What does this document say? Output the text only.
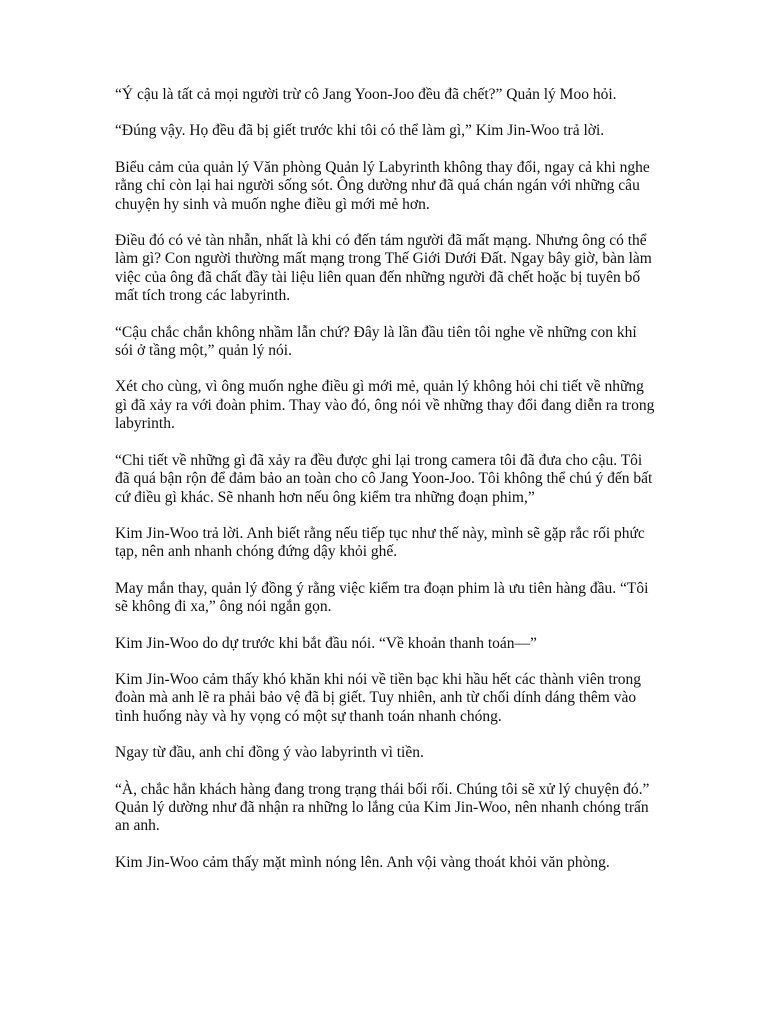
“Ý cậu là tất cả mọi người trừ cô Jang Yoon-Joo đều đã chết?” Quản lý Moo hỏi.

“Đúng vậy. Họ đều đã bị giết trước khi tôi có thể làm gì,” Kim Jin-Woo trả lời.

Biểu cảm của quản lý Văn phòng Quản lý Labyrinth không thay đổi, ngay cả khi nghe rằng chỉ còn lại hai người sống sót. Ông dường như đã quá chán ngán với những câu chuyện hy sinh và muốn nghe điều gì mới mẻ hơn.

Điều đó có vẻ tàn nhẫn, nhất là khi có đến tám người đã mất mạng. Nhưng ông có thể làm gì? Con người thường mất mạng trong Thế Giới Dưới Đất. Ngay bây giờ, bàn làm việc của ông đã chất đầy tài liệu liên quan đến những người đã chết hoặc bị tuyên bố mất tích trong các labyrinth.

“Cậu chắc chắn không nhầm lẫn chứ? Đây là lần đầu tiên tôi nghe về những con khỉ sói ở tầng một,” quản lý nói.

Xét cho cùng, vì ông muốn nghe điều gì mới mẻ, quản lý không hỏi chi tiết về những gì đã xảy ra với đoàn phim. Thay vào đó, ông nói về những thay đổi đang diễn ra trong labyrinth.

“Chi tiết về những gì đã xảy ra đều được ghi lại trong camera tôi đã đưa cho cậu. Tôi đã quá bận rộn để đảm bảo an toàn cho cô Jang Yoon-Joo. Tôi không thể chú ý đến bất cứ điều gì khác. Sẽ nhanh hơn nếu ông kiểm tra những đoạn phim,”

Kim Jin-Woo trả lời. Anh biết rằng nếu tiếp tục như thế này, mình sẽ gặp rắc rối phức tạp, nên anh nhanh chóng đứng dậy khỏi ghế.

May mắn thay, quản lý đồng ý rằng việc kiểm tra đoạn phim là ưu tiên hàng đầu. “Tôi sẽ không đi xa,” ông nói ngắn gọn.

Kim Jin-Woo do dự trước khi bắt đầu nói. “Về khoản thanh toán—”

Kim Jin-Woo cảm thấy khó khăn khi nói về tiền bạc khi hầu hết các thành viên trong đoàn mà anh lẽ ra phải bảo vệ đã bị giết. Tuy nhiên, anh từ chối dính dáng thêm vào tình huống này và hy vọng có một sự thanh toán nhanh chóng.

Ngay từ đầu, anh chỉ đồng ý vào labyrinth vì tiền.

“À, chắc hẳn khách hàng đang trong trạng thái bối rối. Chúng tôi sẽ xử lý chuyện đó.” Quản lý dường như đã nhận ra những lo lắng của Kim Jin-Woo, nên nhanh chóng trấn an anh.

Kim Jin-Woo cảm thấy mặt mình nóng lên. Anh vội vàng thoát khỏi văn phòng.
